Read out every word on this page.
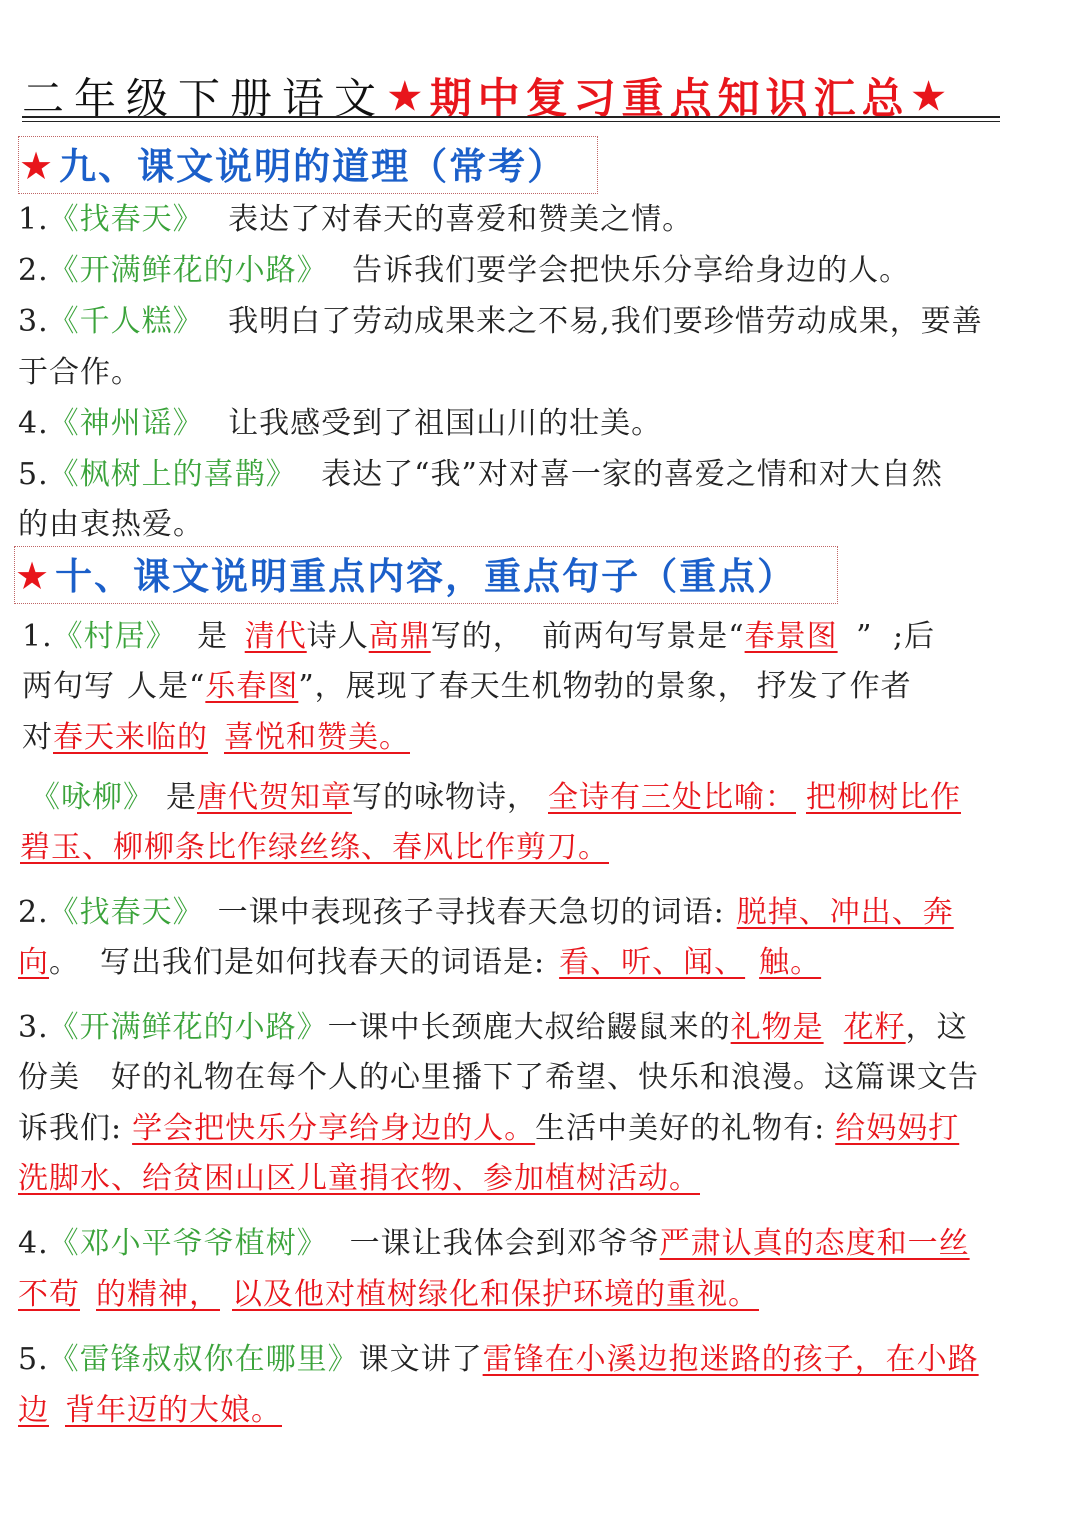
二年级下册语文★期中复习重点知识汇总★
★ 九、课文说明的道理（常考）
1.《找春天》 表达了对春天的喜爱和赞美之情。
2.《开满鲜花的小路》 告诉我们要学会把快乐分享给身边的人。
3.《千人糕》 我明白了劳动成果来之不易,我们要珍惜劳动成果，要善
于合作。
4.《神州谣》 让我感受到了祖国山川的壮美。
5.《枫树上的喜鹊》 表达了“我”对对喜一家的喜爱之情和对大自然
的由衷热爱。
★ 十、课文说明重点内容，重点句子（重点）
1.《村居》 是 清代诗人高鼎写的， 前两句写景是“春景图 ” ;后
两句写 人是“乐春图”，展现了春天生机物勃的景象， 抒发了作者
对春天来临的 喜悦和赞美。
《咏柳》 是唐代贺知章写的咏物诗， 全诗有三处比喻： 把柳树比作
碧玉、柳柳条比作绿丝绦、春风比作剪刀。
2.《找春天》 一课中表现孩子寻找春天急切的词语: 脱掉、冲出、奔
向。 写出我们是如何找春天的词语是: 看、听、闻、 触。
3.《开满鲜花的小路》一课中长颈鹿大叔给鼹鼠来的礼物是 花籽，这
份美　好的礼物在每个人的心里播下了希望、快乐和浪漫。这篇课文告
诉我们: 学会把快乐分享给身边的人。生活中美好的礼物有: 给妈妈打
洗脚水、给贫困山区儿童捐衣物、参加植树活动。
4.《邓小平爷爷植树》 一课让我体会到邓爷爷严肃认真的态度和一丝
不苟 的精神， 以及他对植树绿化和保护环境的重视。
5.《雷锋叔叔你在哪里》课文讲了雷锋在小溪边抱迷路的孩子，在小路
边 背年迈的大娘。
